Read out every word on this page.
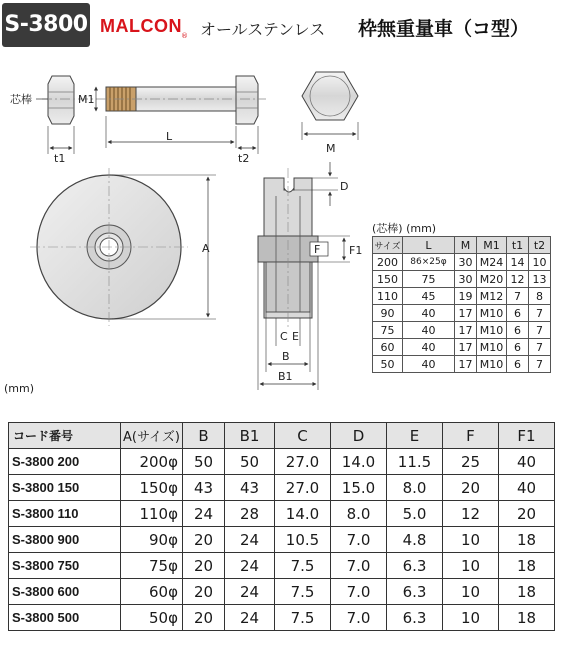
S-3800 MALCON ® オールステンレス 枠無重量車（コ型）
芯棒	M1
L
t1	t2
M
A
D
F	F1
C E
B
B1
(芯棒) (mm)
サイズ	L	M	M1	t1	t2
200	86×25φ	30	M24	14	10
150	75	30	M20	12	13
110	45	19	M12	7	8
90	40	17	M10	6	7
75	40	17	M10	6	7
60	40	17	M10	6	7
50	40	17	M10	6	7
(mm)
コード番号	A(サイズ)	B	B1	C	D	E	F	F1
S-3800 200	200φ	50	50	27.0	14.0	11.5	25	40
S-3800 150	150φ	43	43	27.0	15.0	8.0	20	40
S-3800 110	110φ	24	28	14.0	8.0	5.0	12	20
S-3800 900	90φ	20	24	10.5	7.0	4.8	10	18
S-3800 750	75φ	20	24	7.5	7.0	6.3	10	18
S-3800 600	60φ	20	24	7.5	7.0	6.3	10	18
S-3800 500	50φ	20	24	7.5	7.0	6.3	10	18
